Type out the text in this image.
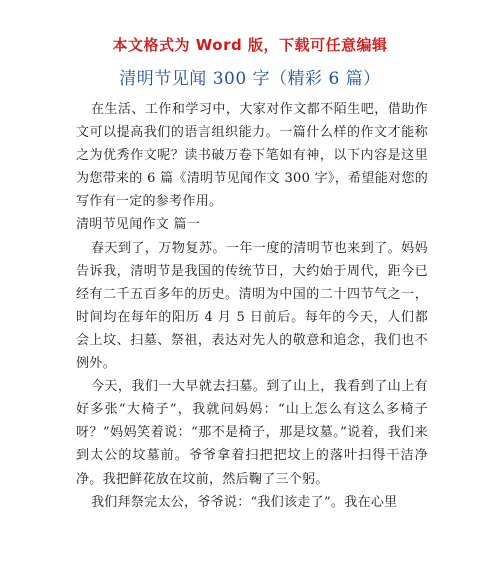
本文格式为 Word 版，下载可任意编辑
清明节见闻 300 字（精彩 6 篇）

在生活、工作和学习中，大家对作文都不陌生吧，借助作文可以提高我们的语言组织能力。一篇什么样的作文才能称之为优秀作文呢？读书破万卷下笔如有神，以下内容是这里为您带来的 6 篇《清明节见闻作文 300 字》，希望能对您的写作有一定的参考作用。

清明节见闻作文 篇一

春天到了，万物复苏。一年一度的清明节也来到了。妈妈告诉我，清明节是我国的传统节日，大约始于周代，距今已经有二千五百多年的历史。清明为中国的二十四节气之一，时间均在每年的阳历 4 月 5 日前后。每年的今天，人们都会上坟、扫墓、祭祖，表达对先人的敬意和追念，我们也不例外。

今天，我们一大早就去扫墓。到了山上，我看到了山上有好多张“大椅子”，我就问妈妈：“山上怎么有这么多椅子呀？”妈妈笑着说：“那不是椅子，那是坟墓。”说着，我们来到太公的坟墓前。爷爷拿着扫把把坟上的落叶扫得干洁净净。我把鲜花放在坟前，然后鞠了三个躬。

我们拜祭完太公，爷爷说：“我们该走了”。我在心里
